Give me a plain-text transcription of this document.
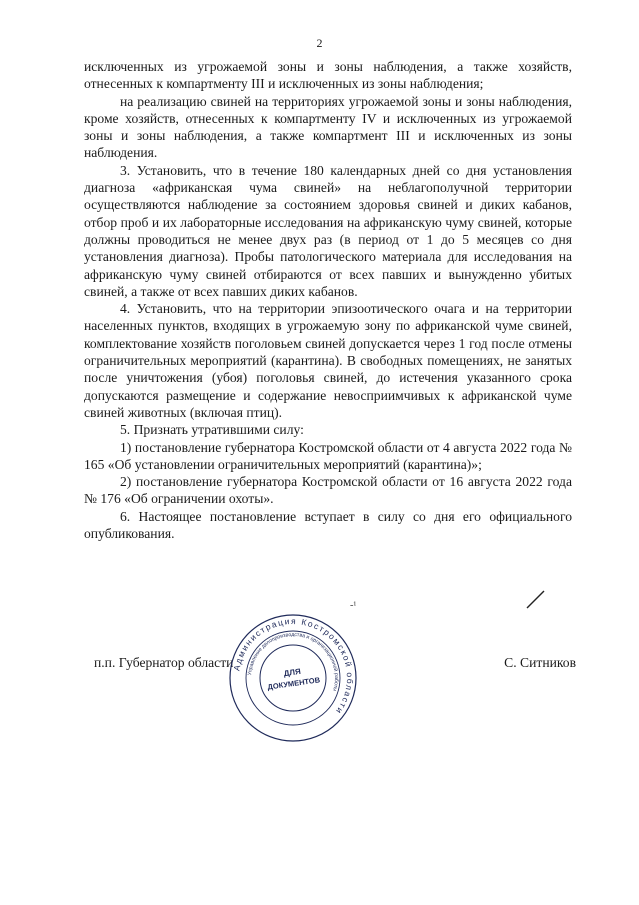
2

исключенных из угрожаемой зоны и зоны наблюдения, а также хозяйств, отнесенных к компартменту III и исключенных из зоны наблюдения;

на реализацию свиней на территориях угрожаемой зоны и зоны наблюдения, кроме хозяйств, отнесенных к компартменту IV и исключенных из угрожаемой зоны и зоны наблюдения, а также компартмент III и исключенных из зоны наблюдения.

3. Установить, что в течение 180 календарных дней со дня установления диагноза «африканская чума свиней» на неблагополучной территории осуществляются наблюдение за состоянием здоровья свиней и диких кабанов, отбор проб и их лабораторные исследования на африканскую чуму свиней, которые должны проводиться не менее двух раз (в период от 1 до 5 месяцев со дня установления диагноза). Пробы патологического материала для исследования на африканскую чуму свиней отбираются от всех павших и вынужденно убитых свиней, а также от всех павших диких кабанов.

4. Установить, что на территории эпизоотического очага и на территории населенных пунктов, входящих в угрожаемую зону по африканской чуме свиней, комплектование хозяйств поголовьем свиней допускается через 1 год после отмены ограничительных мероприятий (карантина). В свободных помещениях, не занятых после уничтожения (убоя) поголовья свиней, до истечения указанного срока допускаются размещение и содержание невосприимчивых к африканской чуме свиней животных (включая птиц).

5. Признать утратившими силу:

1) постановление губернатора Костромской области от 4 августа 2022 года № 165 «Об установлении ограничительных мероприятий (карантина)»;

2) постановление губернатора Костромской области от 16 августа 2022 года № 176 «Об ограничении охоты».

6. Настоящее постановление вступает в силу со дня его официального опубликования.

-¹
п.п. Губернатор области	С. Ситников
Администрация Костромской области
Управление делопроизводства и организационной работы
ДЛЯ
ДОКУМЕНТОВ
